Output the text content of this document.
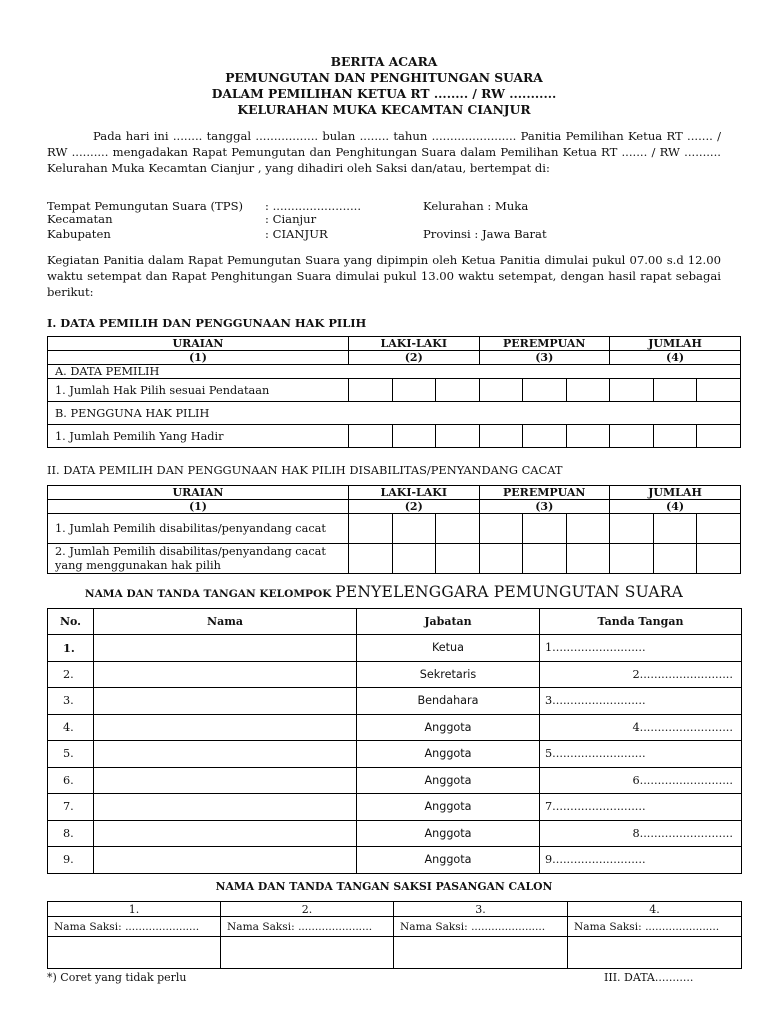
BERITA ACARA
PEMUNGUTAN DAN PENGHITUNGAN SUARA
DALAM PEMILIHAN KETUA RT ........ / RW ...........
KELURAHAN MUKA KECAMTAN CIANJUR
Pada hari ini ........ tanggal ................. bulan ........ tahun ....................... Panitia Pemilihan Ketua RT ....... / RW .......... mengadakan Rapat Pemungutan dan Penghitungan Suara dalam Pemilihan Ketua RT ....... / RW .......... Kelurahan Muka Kecamtan Cianjur , yang dihadiri oleh Saksi dan/atau, bertempat di:
Tempat Pemungutan Suara (TPS) : ........................	Kelurahan : Muka
Kecamatan	: Cianjur
Kabupaten	: CIANJUR	Provinsi : Jawa Barat
Kegiatan Panitia dalam Rapat Pemungutan Suara yang dipimpin oleh Ketua Panitia dimulai pukul 07.00 s.d 12.00 waktu setempat dan Rapat Penghitungan Suara dimulai pukul 13.00 waktu setempat, dengan hasil rapat sebagai berikut:
I. DATA PEMILIH DAN PENGGUNAAN HAK PILIH
URAIAN	LAKI-LAKI			PEREMPUAN			JUMLAH		
(1)	(2)			(3)			(4)		
A. DATA PEMILIH									
1. Jumlah Hak Pilih sesuai Pendataan									
B. PENGGUNA HAK PILIH									
1. Jumlah Pemilih Yang Hadir									
II. DATA PEMILIH DAN PENGGUNAAN HAK PILIH DISABILITAS/PENYANDANG CACAT
URAIAN	LAKI-LAKI			PEREMPUAN			JUMLAH		
(1)	(2)			(3)			(4)		
1. Jumlah Pemilih disabilitas/penyandang cacat									
2. Jumlah Pemilih disabilitas/penyandang cacat yang menggunakan hak pilih									
NAMA DAN TANDA TANGAN KELOMPOK PENYELENGGARA PEMUNGUTAN SUARA
No.	Nama	Jabatan	Tanda Tangan
1.		Ketua	1..........................
2.		Sekretaris	2..........................
3.		Bendahara	3..........................
4.		Anggota	4..........................
5.		Anggota	5..........................
6.		Anggota	6..........................
7.		Anggota	7..........................
8.		Anggota	8..........................
9.		Anggota	9..........................
NAMA DAN TANDA TANGAN SAKSI PASANGAN CALON
1.	2.	3.	4.
Nama Saksi: ......................	Nama Saksi: ......................	Nama Saksi: ......................	Nama Saksi: ......................

*) Coret yang tidak perlu	III. DATA...........
